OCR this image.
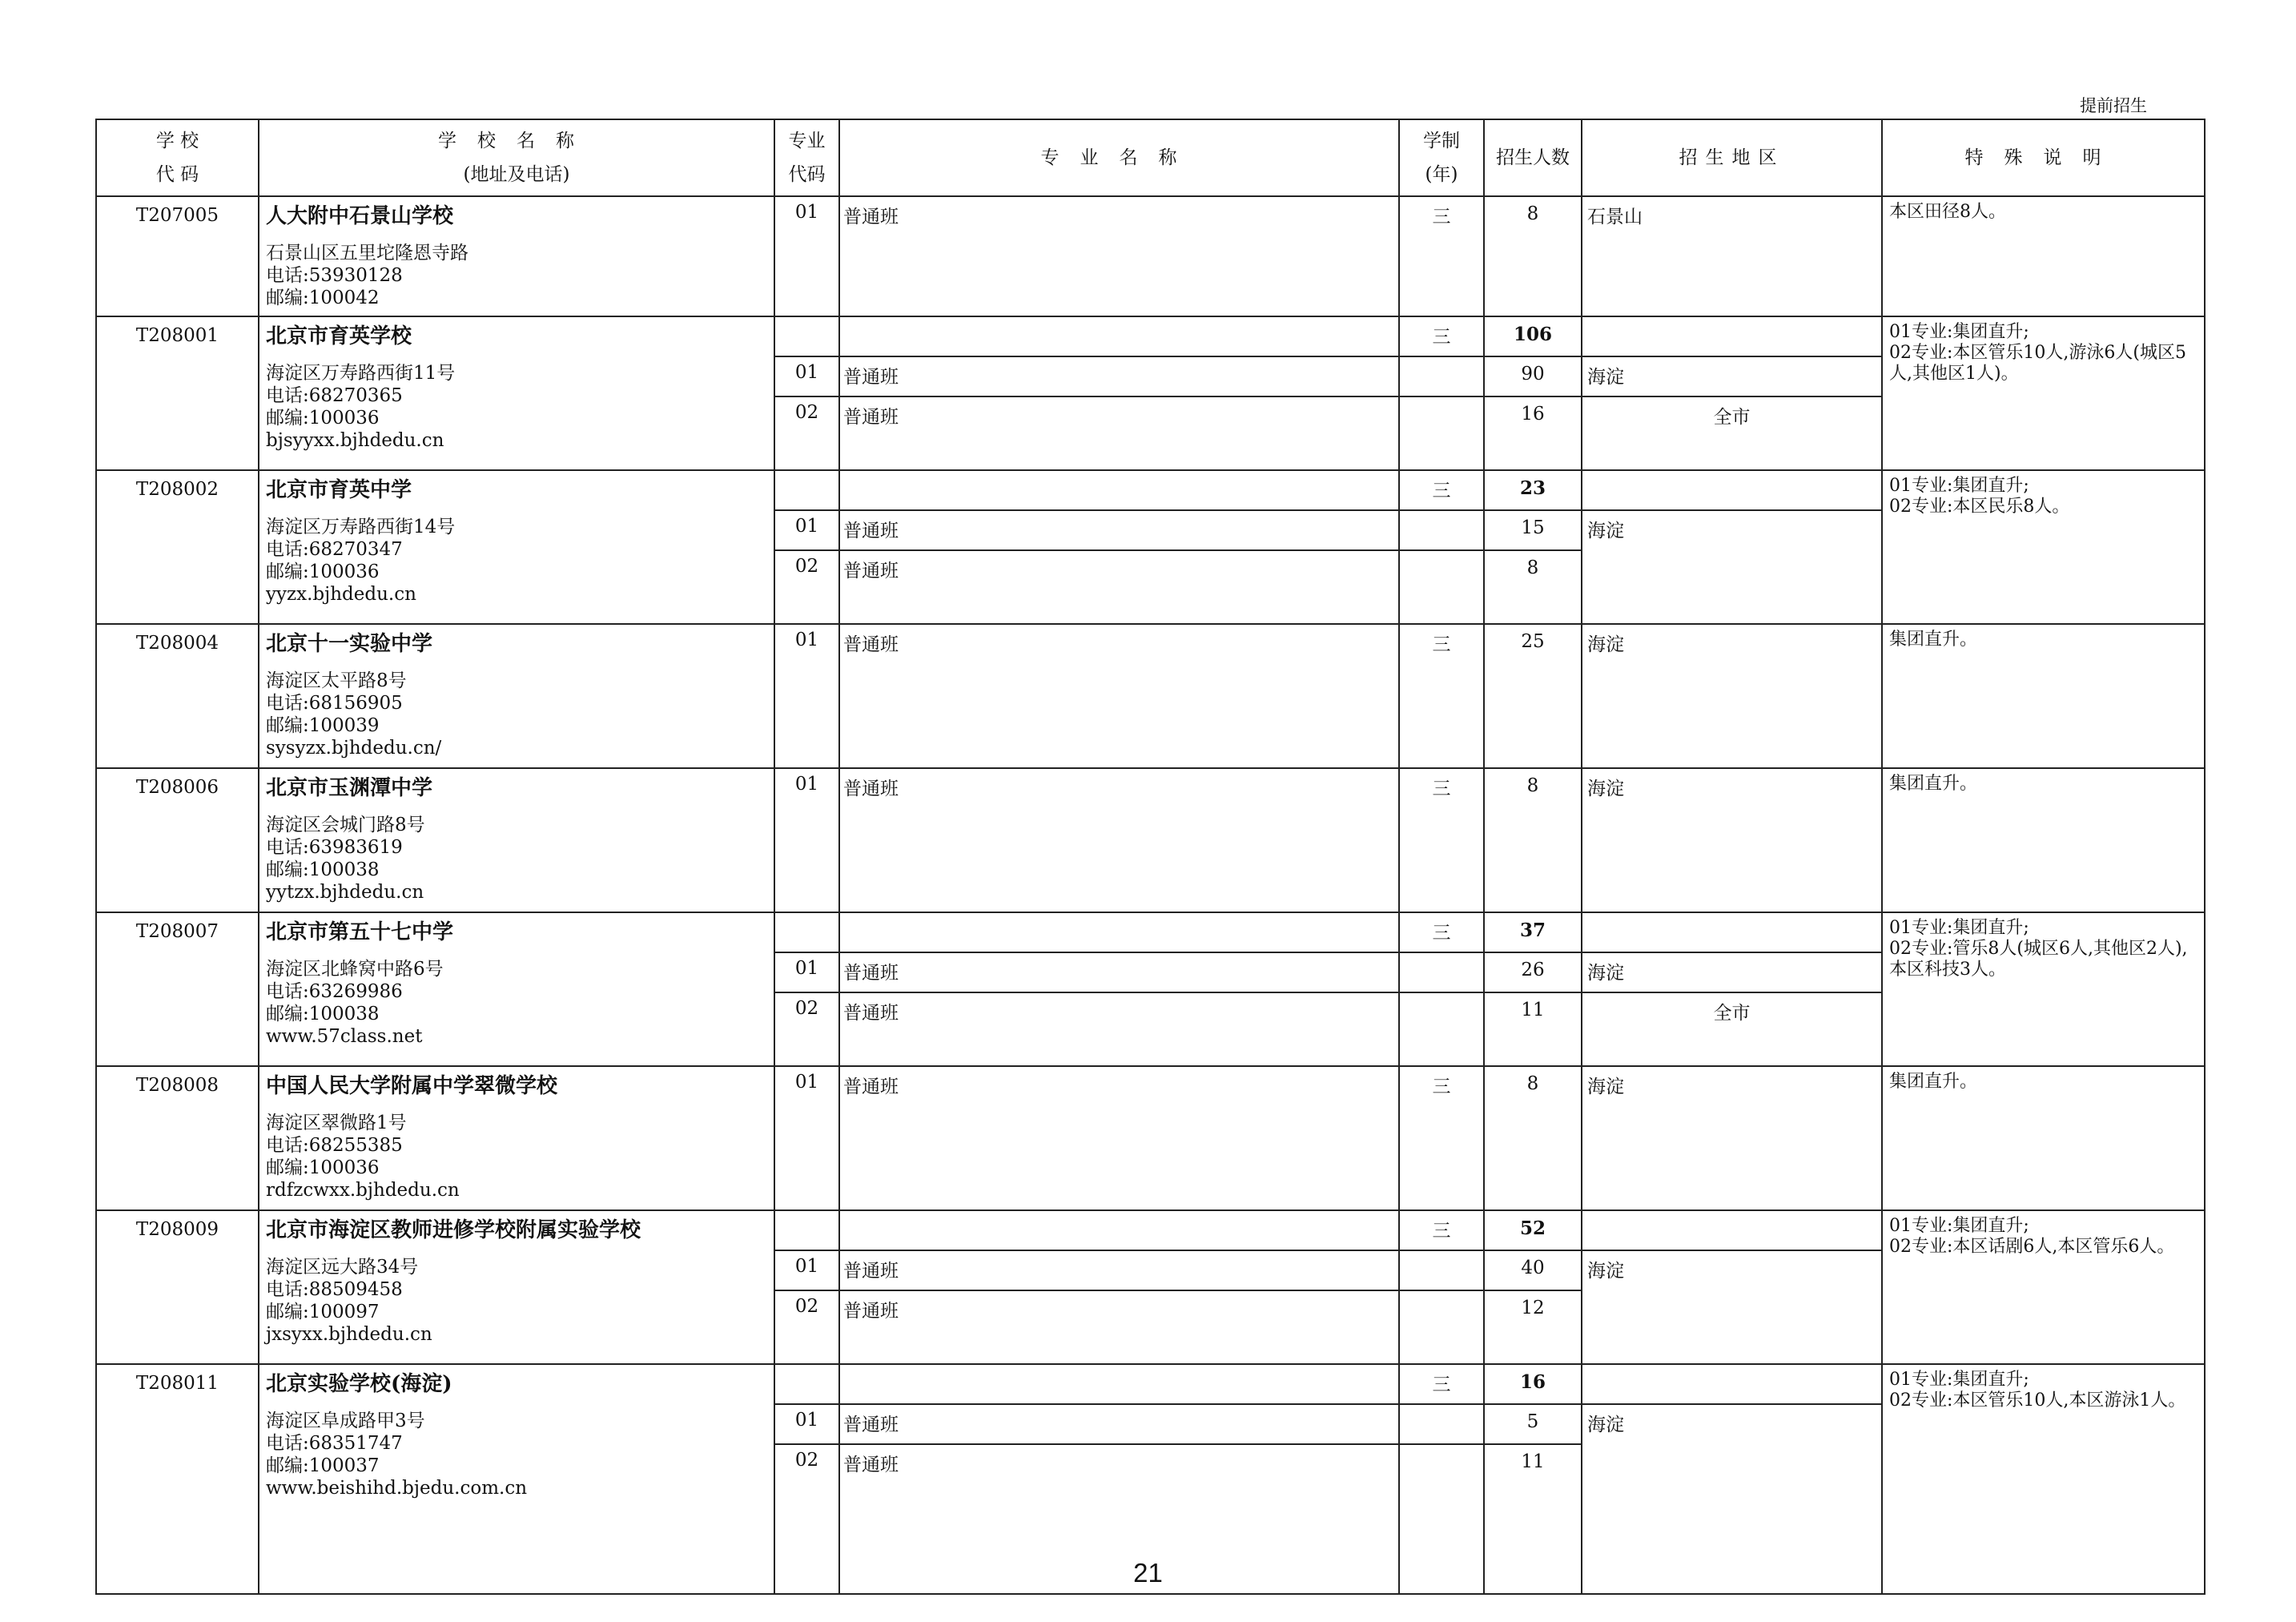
提前招生
学 校
代 码	学校名称
(地址及电话)	专业
代码	专业名称	学制
(年)	招生人数	招生地区	特殊说明
T207005	人大附中石景山学校
石景山区五里坨隆恩寺路
电话:53930128
邮编:100042	01	普通班	三	8	石景山	本区田径8人。

T208001	北京市育英学校
海淀区万寿路西街11号
电话:68270365
邮编:100036
bjsyyxx.bjhdedu.cn			三	106		01专业:集团直升;
02专业:本区管乐10人,游泳6人(城区5人,其他区1人)。

		01	普通班		90	海淀	
		02	普通班		16	全市	
T208002	北京市育英中学
海淀区万寿路西街14号
电话:68270347
邮编:100036
yyzx.bjhdedu.cn			三	23		01专业:集团直升;
02专业:本区民乐8人。

		01	普通班		15	海淀	
		02	普通班		8		
T208004	北京十一实验中学
海淀区太平路8号
电话:68156905
邮编:100039
sysyzx.bjhdedu.cn/	01	普通班	三	25	海淀	集团直升。

T208006	北京市玉渊潭中学
海淀区会城门路8号
电话:63983619
邮编:100038
yytzx.bjhdedu.cn	01	普通班	三	8	海淀	集团直升。

T208007	北京市第五十七中学
海淀区北蜂窝中路6号
电话:63269986
邮编:100038
www.57class.net			三	37		01专业:集团直升;
02专业:管乐8人(城区6人,其他区2人),本区科技3人。

		01	普通班		26	海淀	
		02	普通班		11	全市	
T208008	中国人民大学附属中学翠微学校
海淀区翠微路1号
电话:68255385
邮编:100036
rdfzcwxx.bjhdedu.cn	01	普通班	三	8	海淀	集团直升。

T208009	北京市海淀区教师进修学校附属实验学校
海淀区远大路34号
电话:88509458
邮编:100097
jxsyxx.bjhdedu.cn			三	52		01专业:集团直升;
02专业:本区话剧6人,本区管乐6人。

		01	普通班		40	海淀	
		02	普通班		12		
T208011	北京实验学校(海淀)
海淀区阜成路甲3号
电话:68351747
邮编:100037
www.beishihd.bjedu.com.cn			三	16		01专业:集团直升;
02专业:本区管乐10人,本区游泳1人。

		01	普通班		5	海淀	
		02	普通班		11		
21
